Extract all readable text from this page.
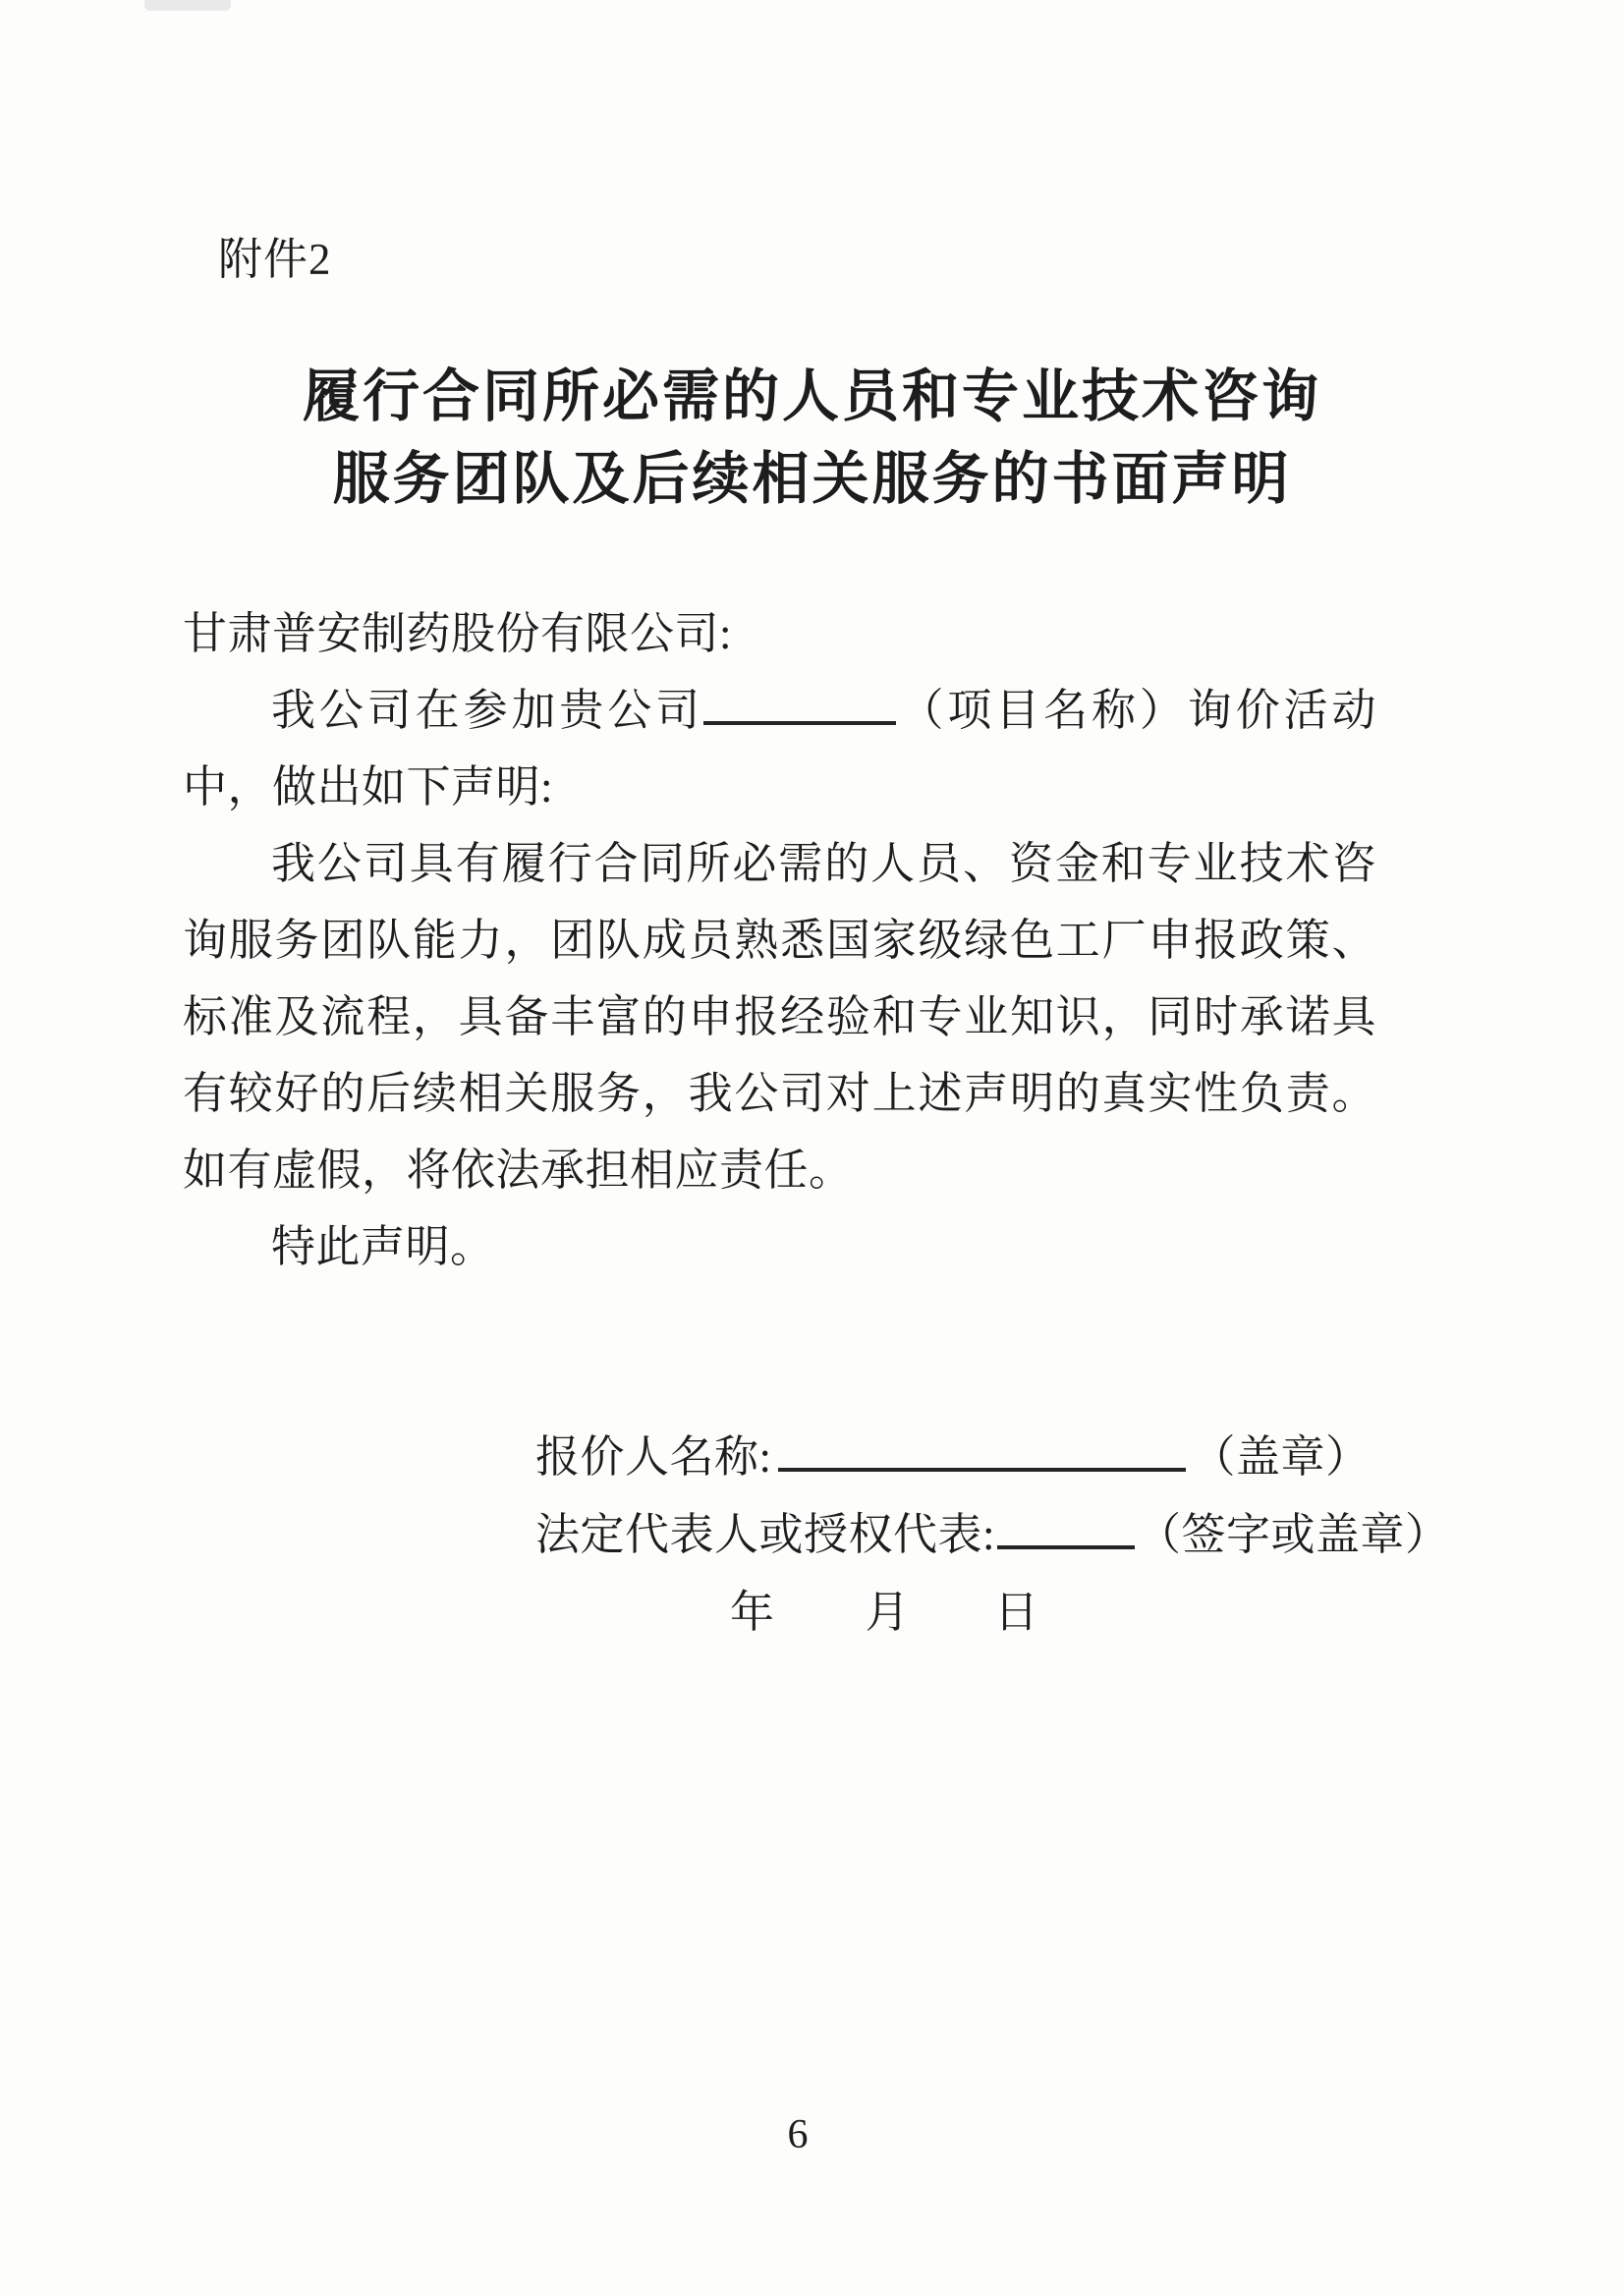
附件2
履行合同所必需的人员和专业技术咨询
服务团队及后续相关服务的书面声明
甘肃普安制药股份有限公司:
我公司在参加贵公司	（项目名称）询价活动
中，做出如下声明:
我公司具有履行合同所必需的人员、资金和专业技术咨
询服务团队能力，团队成员熟悉国家级绿色工厂申报政策、
标准及流程，具备丰富的申报经验和专业知识，同时承诺具
有较好的后续相关服务，我公司对上述声明的真实性负责。
如有虚假，将依法承担相应责任。
特此声明。
报价人名称:	（盖章）
法定代表人或授权代表:	（签字或盖章）
年 月 日
6
